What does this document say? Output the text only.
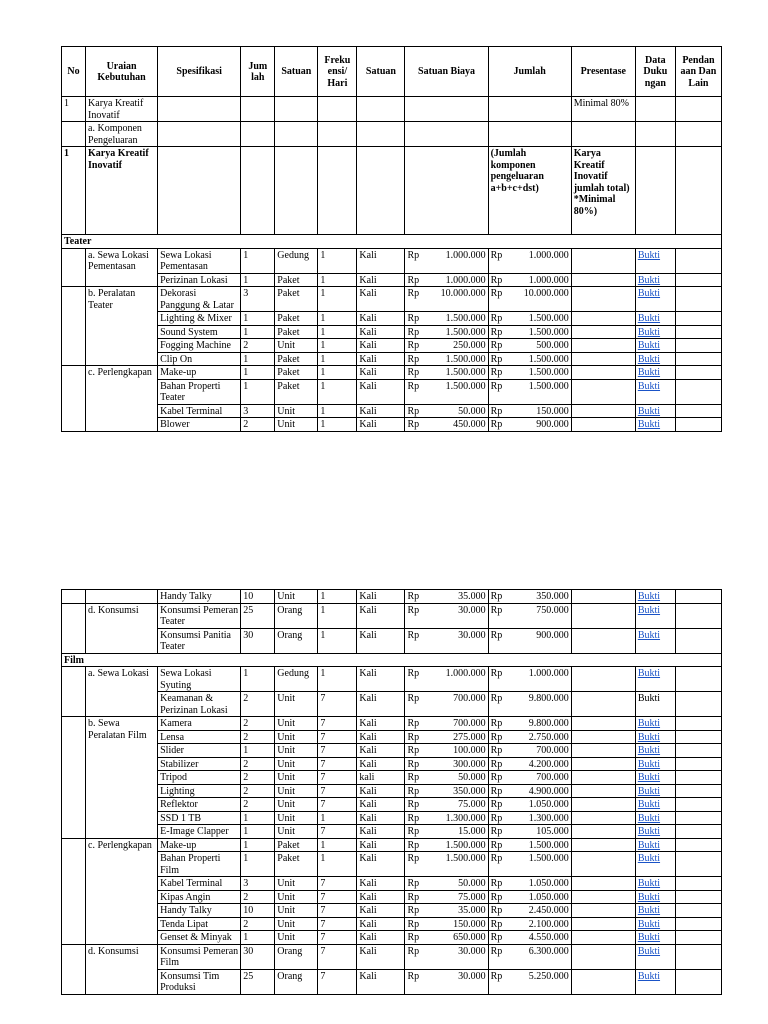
No	Uraian Kebutuhan	Spesifikasi	Jum lah	Satuan	Freku ensi/ Hari	Satuan	Satuan Biaya	Jumlah	Presentase	Data Duku ngan	Pendan aan Dan Lain
1	Karya Kreatif Inovatif								Minimal 80%		
	a. Komponen Pengeluaran										
1	Karya Kreatif Inovatif							(Jumlah komponen pengeluaran a+b+c+dst)	Karya Kreatif Inovatif jumlah total) *Minimal 80%)		
Teater											
	a. Sewa Lokasi Pementasan	Sewa Lokasi Pementasan	1	Gedung	1	Kali	Rp 1.000.000	Rp 1.000.000		Bukti	
		Perizinan Lokasi	1	Paket	1	Kali	Rp 1.000.000	Rp 1.000.000		Bukti	
	b. Peralatan Teater	Dekorasi Panggung & Latar	3	Paket	1	Kali	Rp 10.000.000	Rp 10.000.000		Bukti	
		Lighting & Mixer	1	Paket	1	Kali	Rp 1.500.000	Rp 1.500.000		Bukti	
		Sound System	1	Paket	1	Kali	Rp 1.500.000	Rp 1.500.000		Bukti	
		Fogging Machine	2	Unit	1	Kali	Rp 250.000	Rp 500.000		Bukti	
		Clip On	1	Paket	1	Kali	Rp 1.500.000	Rp 1.500.000		Bukti	
	c. Perlengkapan	Make-up	1	Paket	1	Kali	Rp 1.500.000	Rp 1.500.000		Bukti	
		Bahan Properti Teater	1	Paket	1	Kali	Rp 1.500.000	Rp 1.500.000		Bukti	
		Kabel Terminal	3	Unit	1	Kali	Rp 50.000	Rp 150.000		Bukti	
		Blower	2	Unit	1	Kali	Rp 450.000	Rp 900.000		Bukti	
		Handy Talky	10	Unit	1	Kali	Rp 35.000	Rp 350.000		Bukti	
	d. Konsumsi	Konsumsi Pemeran Teater	25	Orang	1	Kali	Rp 30.000	Rp 750.000		Bukti	
		Konsumsi Panitia Teater	30	Orang	1	Kali	Rp 30.000	Rp 900.000		Bukti	
Film											
	a. Sewa Lokasi	Sewa Lokasi Syuting	1	Gedung	1	Kali	Rp 1.000.000	Rp 1.000.000		Bukti	
		Keamanan & Perizinan Lokasi	2	Unit	7	Kali	Rp 700.000	Rp 9.800.000		Bukti	
	b. Sewa Peralatan Film	Kamera	2	Unit	7	Kali	Rp 700.000	Rp 9.800.000		Bukti	
		Lensa	2	Unit	7	Kali	Rp 275.000	Rp 2.750.000		Bukti	
		Slider	1	Unit	7	Kali	Rp 100.000	Rp 700.000		Bukti	
		Stabilizer	2	Unit	7	Kali	Rp 300.000	Rp 4.200.000		Bukti	
		Tripod	2	Unit	7	kali	Rp 50.000	Rp 700.000		Bukti	
		Lighting	2	Unit	7	Kali	Rp 350.000	Rp 4.900.000		Bukti	
		Reflektor	2	Unit	7	Kali	Rp 75.000	Rp 1.050.000		Bukti	
		SSD 1 TB	1	Unit	1	Kali	Rp 1.300.000	Rp 1.300.000		Bukti	
		E-Image Clapper	1	Unit	7	Kali	Rp 15.000	Rp 105.000		Bukti	
	c. Perlengkapan	Make-up	1	Paket	1	Kali	Rp 1.500.000	Rp 1.500.000		Bukti	
		Bahan Properti Film	1	Paket	1	Kali	Rp 1.500.000	Rp 1.500.000		Bukti	
		Kabel Terminal	3	Unit	7	Kali	Rp 50.000	Rp 1.050.000		Bukti	
		Kipas Angin	2	Unit	7	Kali	Rp 75.000	Rp 1.050.000		Bukti	
		Handy Talky	10	Unit	7	Kali	Rp 35.000	Rp 2.450.000		Bukti	
		Tenda Lipat	2	Unit	7	Kali	Rp 150.000	Rp 2.100.000		Bukti	
		Genset & Minyak	1	Unit	7	Kali	Rp 650.000	Rp 4.550.000		Bukti	
	d. Konsumsi	Konsumsi Pemeran Film	30	Orang	7	Kali	Rp 30.000	Rp 6.300.000		Bukti	
		Konsumsi Tim Produksi	25	Orang	7	Kali	Rp 30.000	Rp 5.250.000		Bukti	
